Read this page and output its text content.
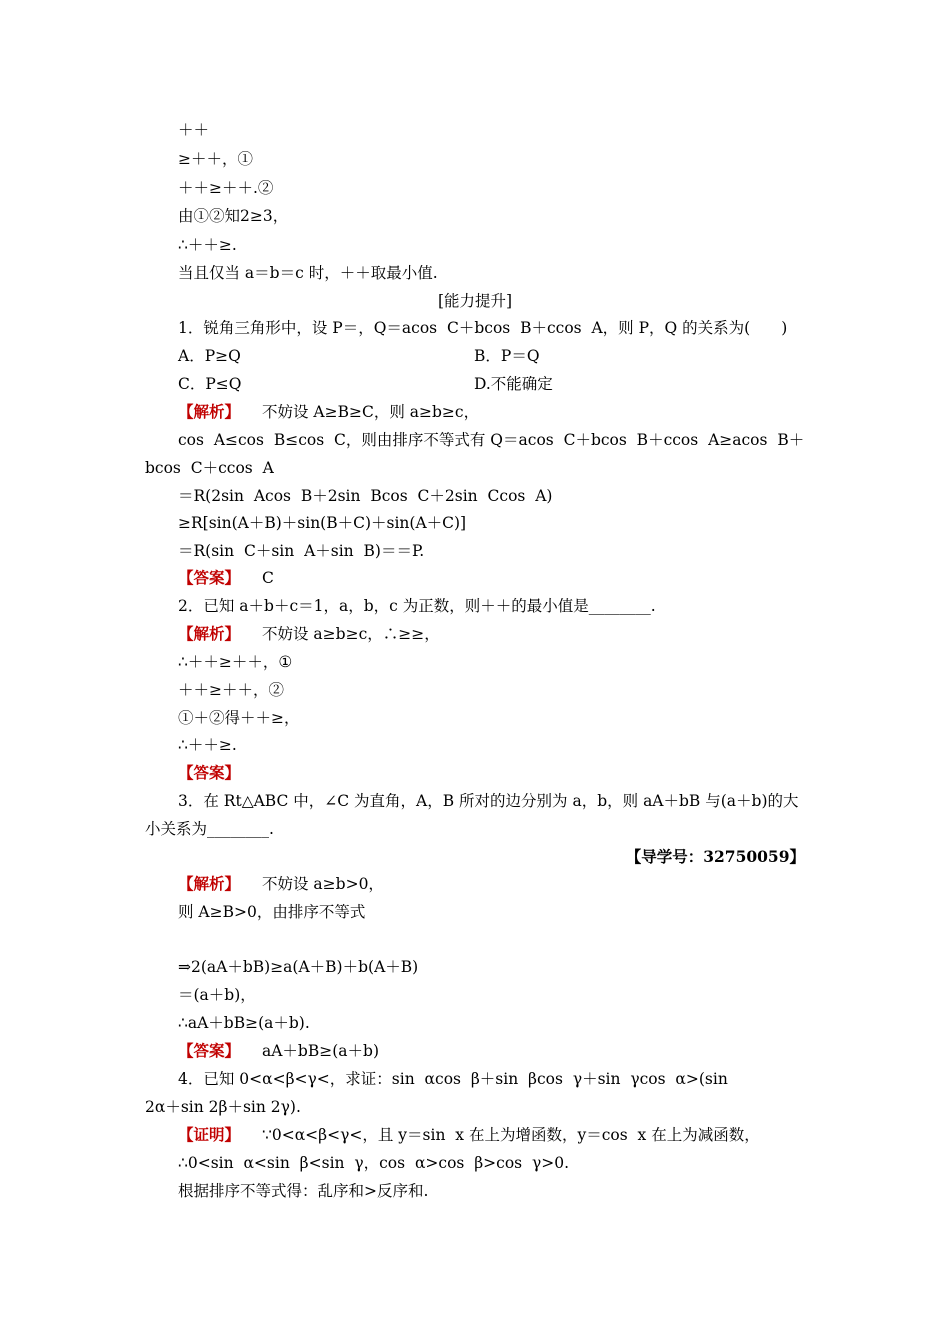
＋＋
≥＋＋，①
＋＋≥＋＋.②
由①②知2≥3，
∴＋＋≥.
当且仅当 a＝b＝c 时，＋＋取最小值.
[能力提升]
1．锐角三角形中，设 P＝，Q＝acos  C＋bcos  B＋ccos  A，则 P，Q 的关系为(　　)
A．P≥Q	B．P＝Q
C．P≤Q	D.不能确定
【解析】 不妨设 A≥B≥C，则 a≥b≥c，
cos  A≤cos  B≤cos  C，则由排序不等式有 Q＝acos  C＋bcos  B＋ccos  A≥acos  B＋
bcos  C＋ccos  A
＝R(2sin  Acos  B＋2sin  Bcos  C＋2sin  Ccos  A)
≥R[sin(A＋B)＋sin(B＋C)＋sin(A＋C)]
＝R(sin  C＋sin  A＋sin  B)＝＝P.
【答案】 C
2．已知 a＋b＋c＝1，a，b，c 为正数，则＋＋的最小值是________.
【解析】 不妨设 a≥b≥c，∴≥≥，
∴＋＋≥＋＋，①
＋＋≥＋＋，②
①＋②得＋＋≥，
∴＋＋≥.
【答案】
3．在 Rt△ABC 中，∠C 为直角，A，B 所对的边分别为 a，b，则 aA＋bB 与(a＋b)的大
小关系为________.
【导学号：32750059】
【解析】 不妨设 a≥b>0，
则 A≥B>0，由排序不等式
⇒2(aA＋bB)≥a(A＋B)＋b(A＋B)
＝(a＋b)，
∴aA＋bB≥(a＋b).
【答案】 aA＋bB≥(a＋b)
4．已知 0<α<β<γ<，求证：sin  αcos  β＋sin  βcos  γ＋sin  γcos  α>(sin
2α＋sin 2β＋sin 2γ).
【证明】 ∵0<α<β<γ<，且 y＝sin  x 在上为增函数，y＝cos  x 在上为减函数，
∴0<sin  α<sin  β<sin  γ，cos  α>cos  β>cos  γ>0.
根据排序不等式得：乱序和>反序和.
